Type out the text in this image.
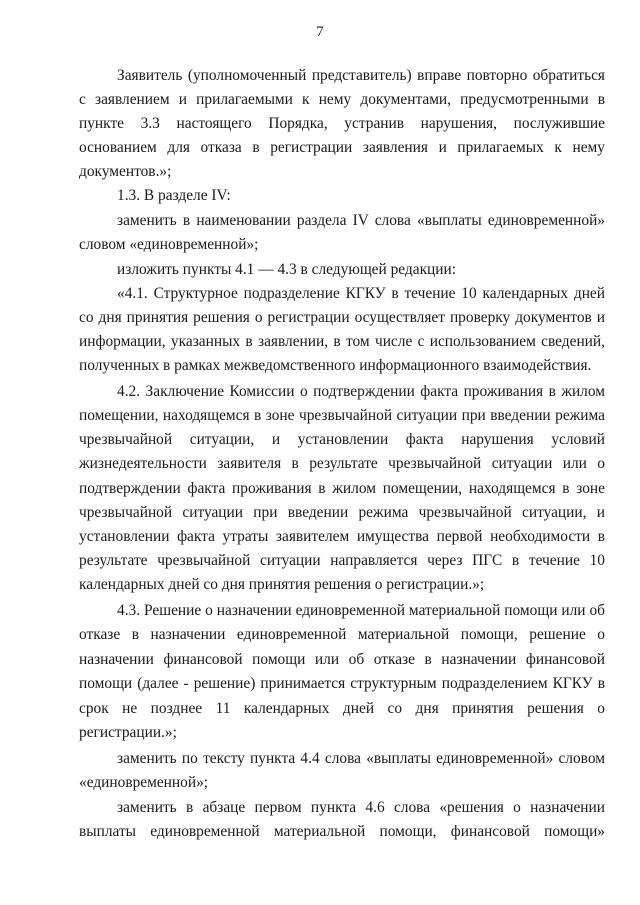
7
Заявитель (уполномоченный представитель) вправе повторно обратиться
с заявлением и прилагаемыми к нему документами, предусмотренными в
пункте 3.3 настоящего Порядка, устранив нарушения, послужившие
основанием для отказа в регистрации заявления и прилагаемых к нему
документов.»;
1.3. В разделе IV:
заменить в наименовании раздела IV слова «выплаты единовременной»
словом «единовременной»;
изложить пункты 4.1 — 4.3 в следующей редакции:
«4.1. Структурное подразделение КГКУ в течение 10 календарных дней
со дня принятия решения о регистрации осуществляет проверку документов и
информации, указанных в заявлении, в том числе с использованием сведений,
полученных в рамках межведомственного информационного взаимодействия.
4.2. Заключение Комиссии о подтверждении факта проживания в жилом
помещении, находящемся в зоне чрезвычайной ситуации при введении режима
чрезвычайной ситуации, и установлении факта нарушения условий
жизнедеятельности заявителя в результате чрезвычайной ситуации или о
подтверждении факта проживания в жилом помещении, находящемся в зоне
чрезвычайной ситуации при введении режима чрезвычайной ситуации, и
установлении факта утраты заявителем имущества первой необходимости в
результате чрезвычайной ситуации направляется через ПГС в течение 10
календарных дней со дня принятия решения о регистрации.»;
4.3. Решение о назначении единовременной материальной помощи или об
отказе в назначении единовременной материальной помощи, решение о
назначении финансовой помощи или об отказе в назначении финансовой
помощи (далее - решение) принимается структурным подразделением КГКУ в
срок не позднее 11 календарных дней со дня принятия решения о
регистрации.»;
заменить по тексту пункта 4.4 слова «выплаты единовременной» словом
«единовременной»;
заменить в абзаце первом пункта 4.6 слова «решения о назначении
выплаты единовременной материальной помощи, финансовой помощи»
